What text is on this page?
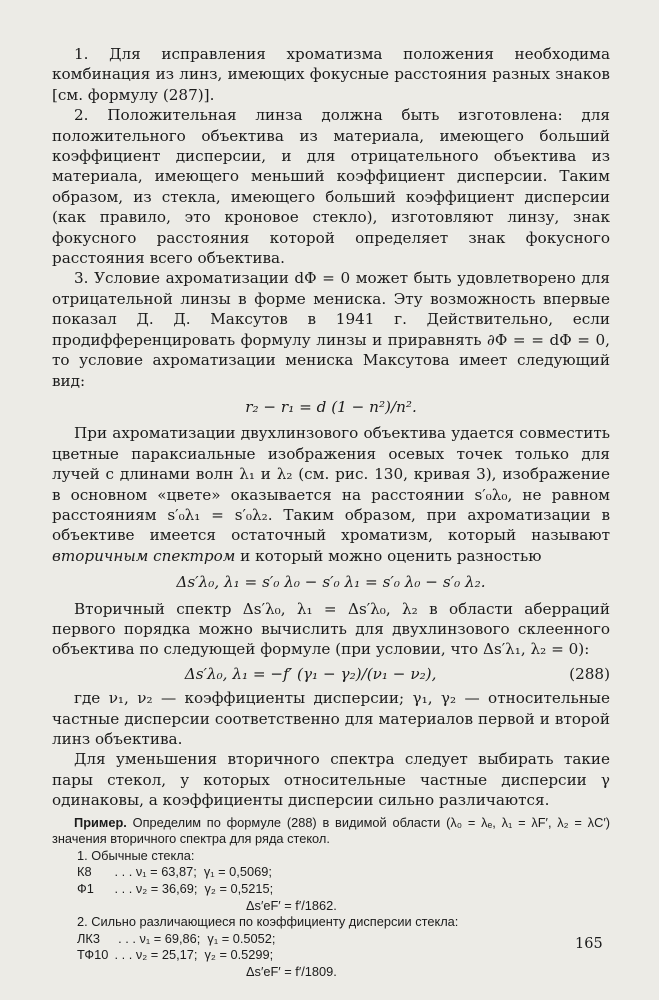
1. Для исправления хроматизма положения необходима комбинация из линз, имеющих фокусные расстояния разных знаков [см. формулу (287)].

2. Положительная линза должна быть изготовлена: для положительного объектива из материала, имеющего больший коэффициент дисперсии, и для отрицательного объектива из материала, имеющего меньший коэффициент дисперсии. Таким образом, из стекла, имеющего больший коэффициент дисперсии (как правило, это кроновое стекло), изготовляют линзу, знак фокусного расстояния которой определяет знак фокусного расстояния всего объектива.

3. Условие ахроматизации dΦ = 0 может быть удовлетворено для отрицательной линзы в форме мениска. Эту возможность впервые показал Д. Д. Максутов в 1941 г. Действительно, если продифференцировать формулу линзы и приравнять ∂Φ = = dΦ = 0, то условие ахроматизации мениска Максутова имеет следующий вид:

r₂ − r₁ = d (1 − n²)/n².

При ахроматизации двухлинзового объектива удается совместить цветные параксиальные изображения осевых точек только для лучей с длинами волн λ₁ и λ₂ (см. рис. 130, кривая 3), изображение в основном «цвете» оказывается на расстоянии s′₀λ₀, не равном расстояниям s′₀λ₁ = s′₀λ₂. Таким образом, при ахроматизации в объективе имеется остаточный хроматизм, который называют вторичным спектром и который можно оценить разностью

Δs′λ₀, λ₁ = s′₀ λ₀ − s′₀ λ₁ = s′₀ λ₀ − s′₀ λ₂.

Вторичный спектр Δs′λ₀, λ₁ = Δs′λ₀, λ₂ в области аберраций первого порядка можно вычислить для двухлинзового склеенного объектива по следующей формуле (при условии, что Δs′λ₁, λ₂ = 0):

Δs′λ₀, λ₁ = −f′ (γ₁ − γ₂)/(ν₁ − ν₂),	(288)

где ν₁, ν₂ — коэффициенты дисперсии; γ₁, γ₂ — относительные частные дисперсии соответственно для материалов первой и второй линз объектива.

Для уменьшения вторичного спектра следует выбирать такие пары стекол, у которых относительные частные дисперсии γ одинаковы, а коэффициенты дисперсии сильно различаются.

Пример. Определим по формуле (288) в видимой области (λ₀ = λₑ, λ₁ = λF′, λ₂ = λC′) значения вторичного спектра для ряда стекол.

1. Обычные стекла:
К8	. . . ν₁ = 63,87;  γ₁ = 0,5069;
Ф1	. . . ν₂ = 36,69;  γ₂ = 0,5215;
Δs′eF′ = f′/1862.
2. Сильно различающиеся по коэффициенту дисперсии стекла:
ЛК3 . . . ν₁ = 69,86;  γ₁ = 0.5052;
ТФ10 . . . ν₂ = 25,17;  γ₂ = 0.5299;
Δs′eF′ = f′/1809.
165
